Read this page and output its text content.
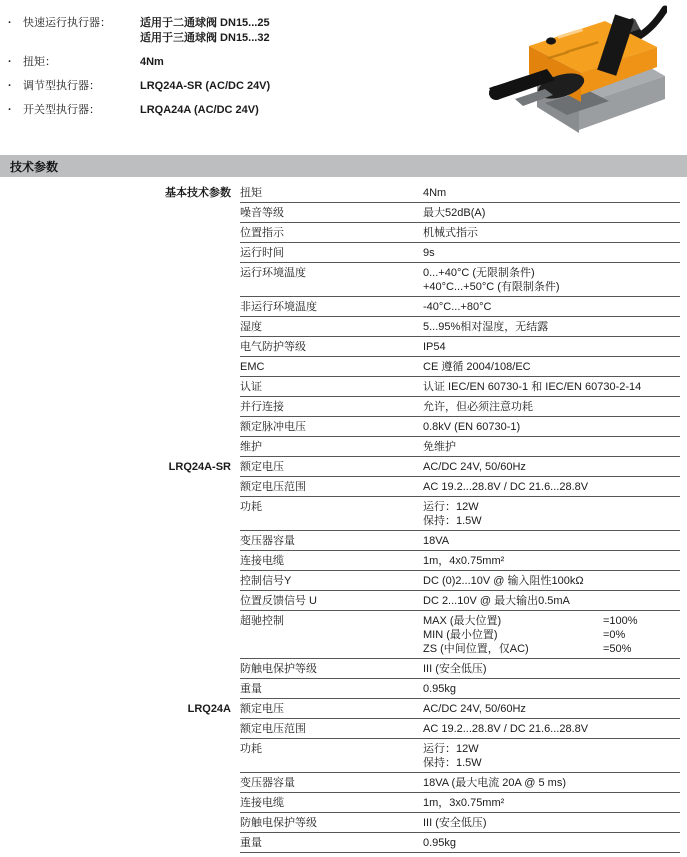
·	快速运行执行器：	适用于二通球阀 DN15...25
适用于三通球阀 DN15...32
·	扭矩：	4Nm
·	调节型执行器：	LRQ24A-SR (AC/DC 24V)
·	开关型执行器：	LRQA24A (AC/DC 24V)
技术参数
基本技术参数 扭矩	4Nm
噪音等级	最大52dB(A)
位置指示	机械式指示
运行时间	9s
运行环境温度	0...+40°C (无限制条件)
+40°C...+50°C (有限制条件)
非运行环境温度	-40°C...+80°C
湿度	5...95%相对湿度，无结露
电气防护等级	IP54
EMC	CE 遵循 2004/108/EC
认证	认证 IEC/EN 60730-1 和 IEC/EN 60730-2-14
并行连接	允许，但必须注意功耗
额定脉冲电压	0.8kV (EN 60730-1)
维护	免维护
LRQ24A-SR 额定电压	AC/DC 24V, 50/60Hz
额定电压范围	AC 19.2...28.8V / DC 21.6...28.8V
功耗	运行：12W
保持：1.5W
变压器容量	18VA
连接电缆	1m，4x0.75mm²
控制信号Y	DC (0)2...10V @ 输入阻性100kΩ
位置反馈信号 U	DC 2...10V @ 最大输出0.5mA
超驰控制	MAX (最大位置)	=100%
MIN (最小位置)	=0%
ZS (中间位置，仅AC)	=50%
防触电保护等级	III (安全低压)
重量	0.95kg
LRQ24A 额定电压	AC/DC 24V, 50/60Hz
额定电压范围	AC 19.2...28.8V / DC 21.6...28.8V
功耗	运行：12W
保持：1.5W
变压器容量	18VA (最大电流 20A @ 5 ms)
连接电缆	1m，3x0.75mm²
防触电保护等级	III (安全低压)
重量	0.95kg
